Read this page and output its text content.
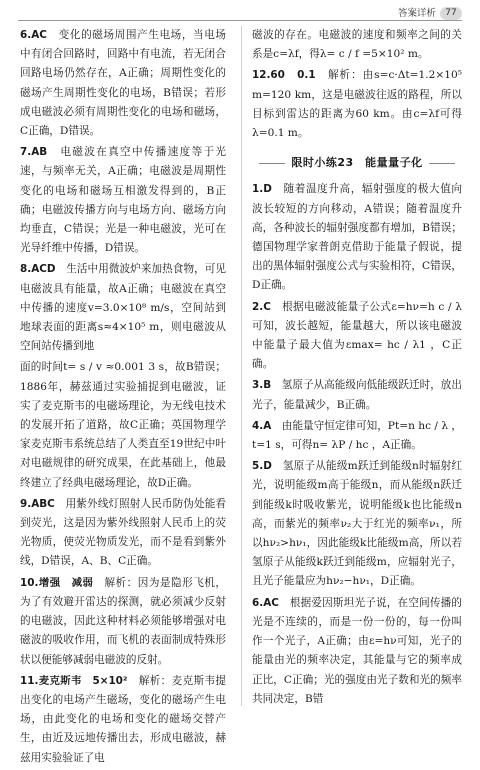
答案详析	77

6.AC　 变化的磁场周围产生电场，当电场中有闭合回路时，回路中有电流，若无闭合回路电场仍然存在，A正确；周期性变化的磁场产生周期性变化的电场，B错误；若形成电磁波必须有周期性变化的电场和磁场，C正确，D错误。

7.AB　 电磁波在真空中传播速度等于光速，与频率无关，A正确；电磁波是周期性变化的电场和磁场互相激发得到的，B正确；电磁波传播方向与电场方向、磁场方向均垂直，C错误；光是一种电磁波，光可在光导纤维中传播，D错误。

8.ACD　 生活中用微波炉来加热食物，可见电磁波具有能量，故A正确；电磁波在真空中传播的速度v=3.0×10⁸ m/s，空间站到地球表面的距离s≈4×10⁵ m，则电磁波从空间站传播到地

面的时间t= s / v ≈0.001 3 s，故B错误；1886年，赫兹通过实验捕捉到电磁波，证实了麦克斯韦的电磁场理论，为无线电技术的发展开拓了道路，故C正确；英国物理学家麦克斯韦系统总结了人类直至19世纪中叶对电磁规律的研究成果，在此基础上，他最终建立了经典电磁场理论，故D正确。

9.ABC　 用紫外线灯照射人民币防伪处能看到荧光，这是因为紫外线照射人民币上的荧光物质，使荧光物质发光，而不是看到紫外线，D错误，A、B、C正确。

10.增强　减弱　 解析：因为是隐形飞机，为了有效避开雷达的探测，就必须减少反射的电磁波，因此这种材料必须能够增强对电磁波的吸收作用，而飞机的表面制成特殊形状以便能够减弱电磁波的反射。

11.麦克斯韦　5×10²　 解析：麦克斯韦提出变化的电场产生磁场，变化的磁场产生电场，由此变化的电场和变化的磁场交替产生，由近及远地传播出去，形成电磁波，赫兹用实验验证了电

磁波的存在。电磁波的速度和频率之间的关系是c=λf，得λ= c / f =5×10² m。

12.60　0.1　 解析：由s=c·Δt=1.2×10⁵ m=120 km，这是电磁波往返的路程，所以目标到雷达的距离为60 km。由c=λf可得λ=0.1 m。

限时小练23　能量量子化

1.D　 随着温度升高，辐射强度的极大值向波长较短的方向移动，A错误；随着温度升高，各种波长的辐射强度都有增加，B错误；德国物理学家普朗克借助于能量子假说，提出的黑体辐射强度公式与实验相符，C错误，D正确。

2.C　 根据电磁波能量子公式ε=hν=h c / λ 可知，波长越短，能量越大，所以该电磁波中能量子最大值为εmax= hc / λ1 ，C正确。

3.B　 氢原子从高能级向低能级跃迁时，放出光子，能量减少，B正确。

4.A　 由能量守恒定律可知，Pt=n hc / λ ，t=1 s，可得n= λP / hc ，A正确。

5.D　 氢原子从能级m跃迁到能级n时辐射红光，说明能级m高于能级n，而从能级n跃迁到能级k时吸收紫光，说明能级k也比能级n高，而紫光的频率ν₂大于红光的频率ν₁，所以hν₂>hν₁，因此能级k比能级m高，所以若氢原子从能级k跃迁到能级m，应辐射光子，且光子能量应为hν₂−hν₁，D正确。

6.AC　 根据爱因斯坦光子说，在空间传播的光是不连续的，而是一份一份的，每一份叫作一个光子，A正确；由ε=hν可知，光子的能量由光的频率决定，其能量与它的频率成正比，C正确；光的强度由光子数和光的频率共同决定，B错
